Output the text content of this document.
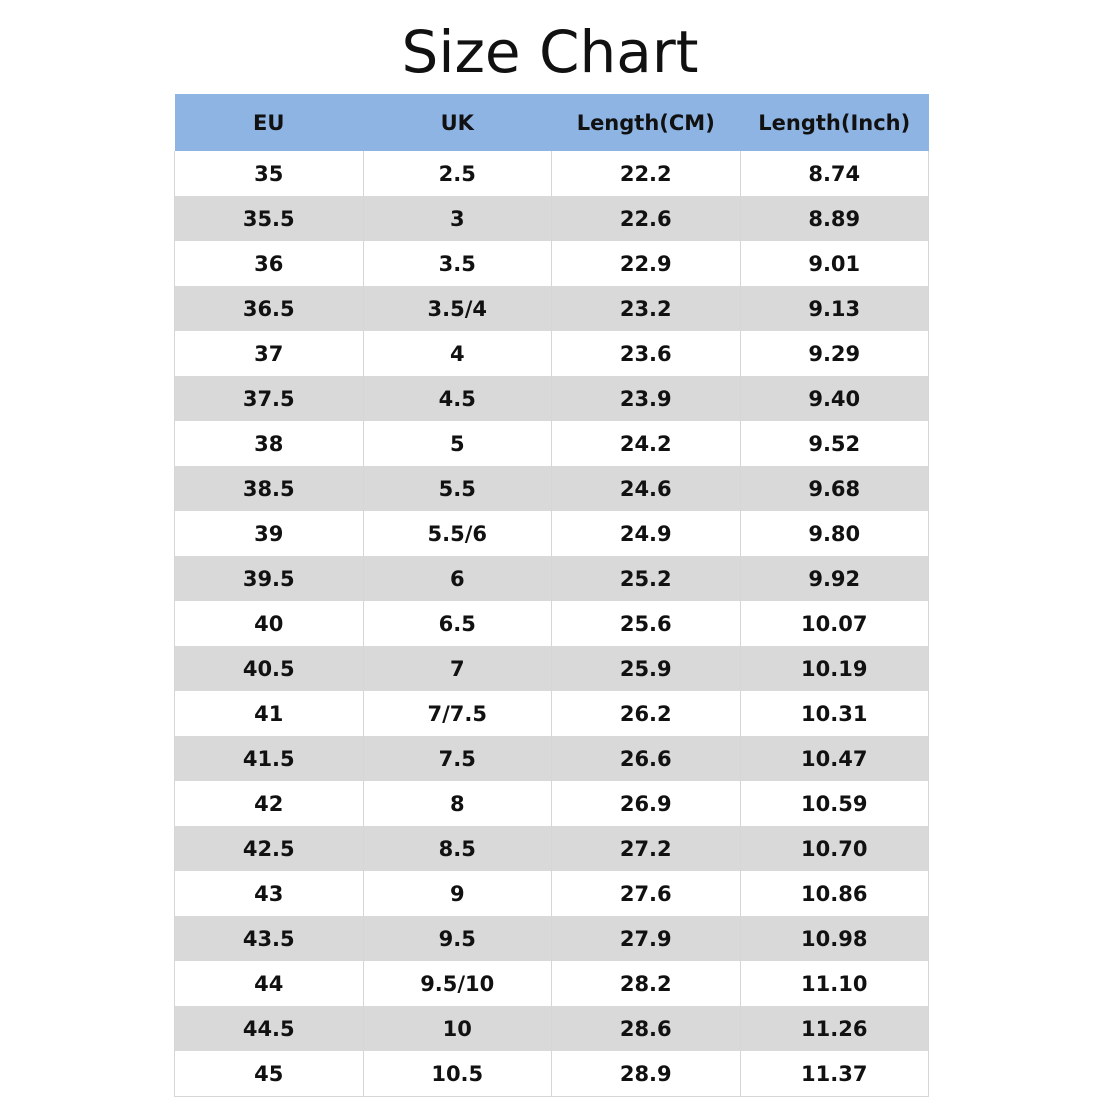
Size Chart
EU	UK	Length(CM)	Length(Inch)
35	2.5	22.2	8.74
35.5	3	22.6	8.89
36	3.5	22.9	9.01
36.5	3.5/4	23.2	9.13
37	4	23.6	9.29
37.5	4.5	23.9	9.40
38	5	24.2	9.52
38.5	5.5	24.6	9.68
39	5.5/6	24.9	9.80
39.5	6	25.2	9.92
40	6.5	25.6	10.07
40.5	7	25.9	10.19
41	7/7.5	26.2	10.31
41.5	7.5	26.6	10.47
42	8	26.9	10.59
42.5	8.5	27.2	10.70
43	9	27.6	10.86
43.5	9.5	27.9	10.98
44	9.5/10	28.2	11.10
44.5	10	28.6	11.26
45	10.5	28.9	11.37
